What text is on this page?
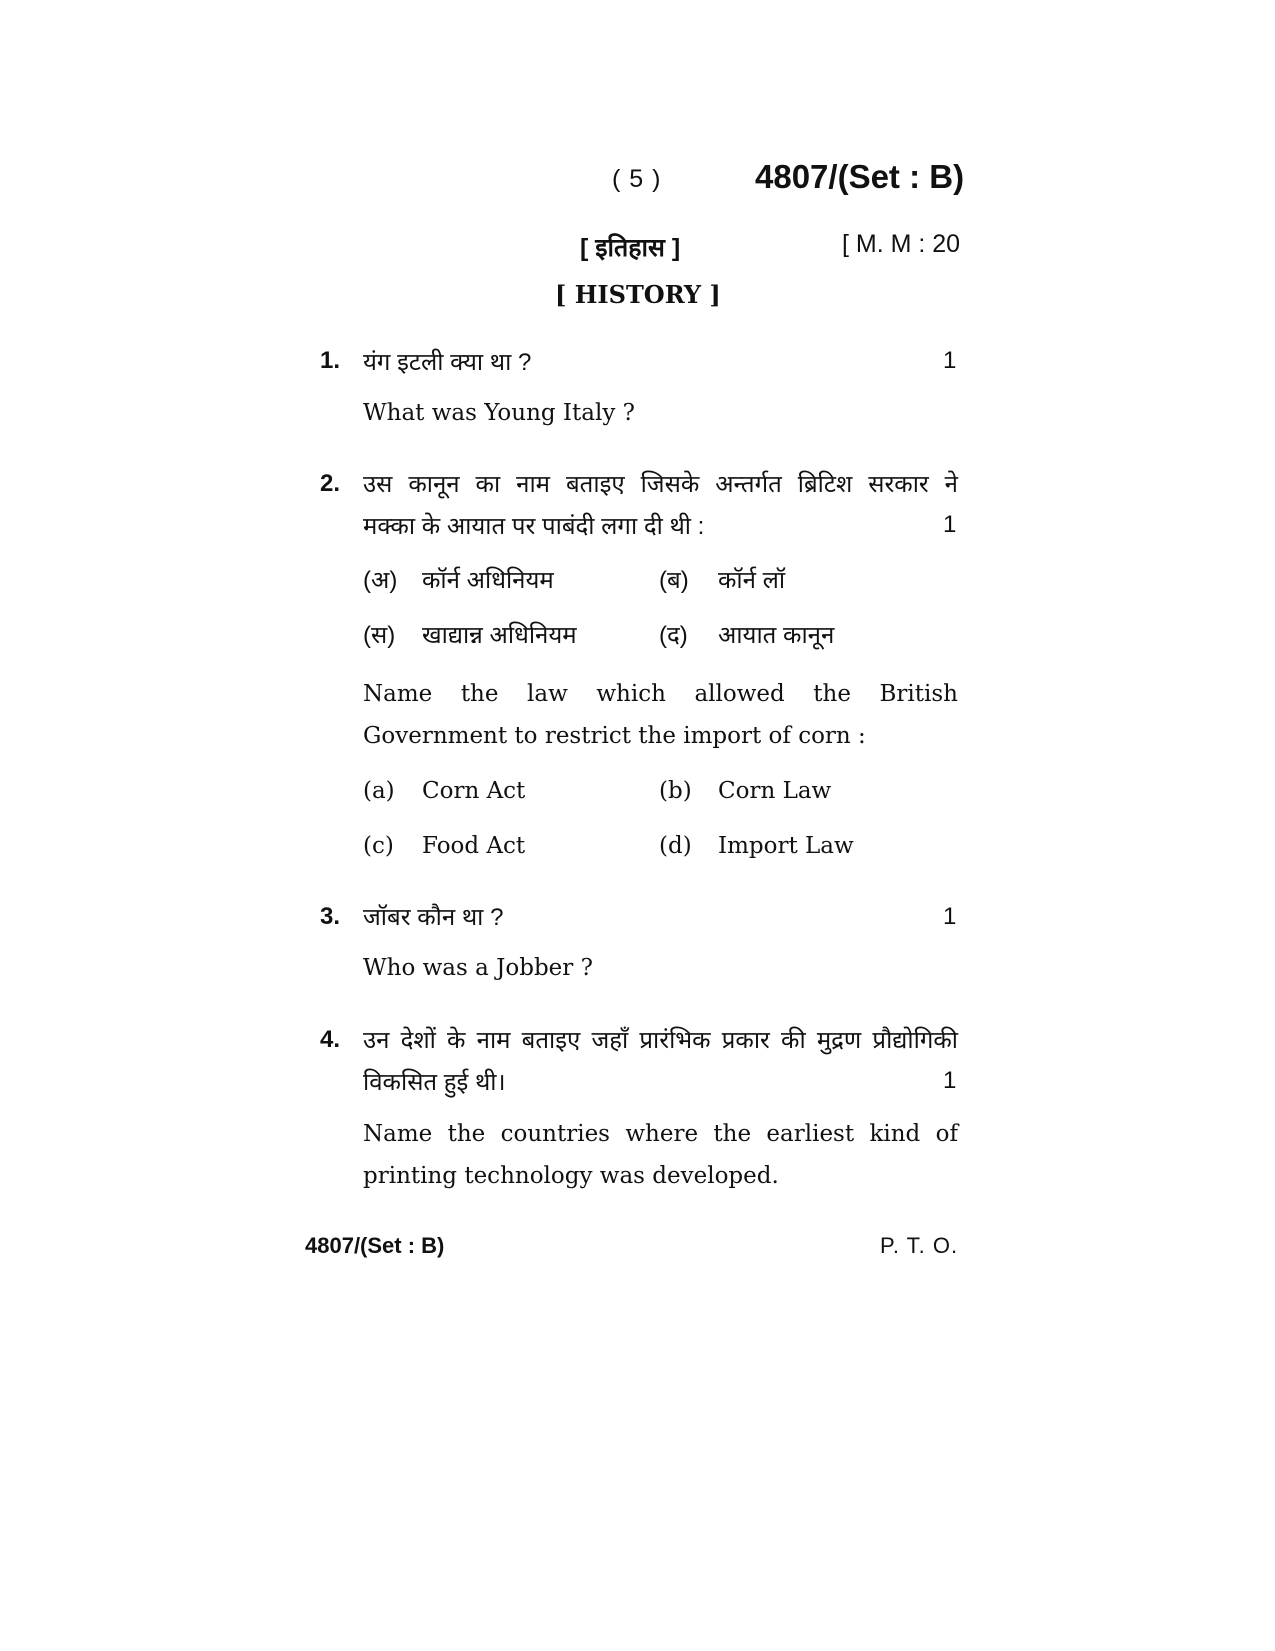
( 5 )	4807/(Set : B)
[ इतिहास ]	[ M. M : 20
[ HISTORY ]
1. यंग इटली क्या था ?	1
What was Young Italy ?
2. उस कानून का नाम बताइए जिसके अन्तर्गत ब्रिटिश सरकार ने
मक्का के आयात पर पाबंदी लगा दी थी :	1
(अ) कॉर्न अधिनियम	(ब) कॉर्न लॉ
(स) खाद्यान्न अधिनियम	(द) आयात कानून
Name the law which allowed the British
Government to restrict the import of corn :
(a) Corn Act	(b) Corn Law
(c) Food Act	(d) Import Law
3. जॉबर कौन था ?	1
Who was a Jobber ?
4. उन देशों के नाम बताइए जहाँ प्रारंभिक प्रकार की मुद्रण प्रौद्योगिकी
विकसित हुई थी।	1
Name the countries where the earliest kind of
printing technology was developed.
4807/(Set : B)	P. T. O.
